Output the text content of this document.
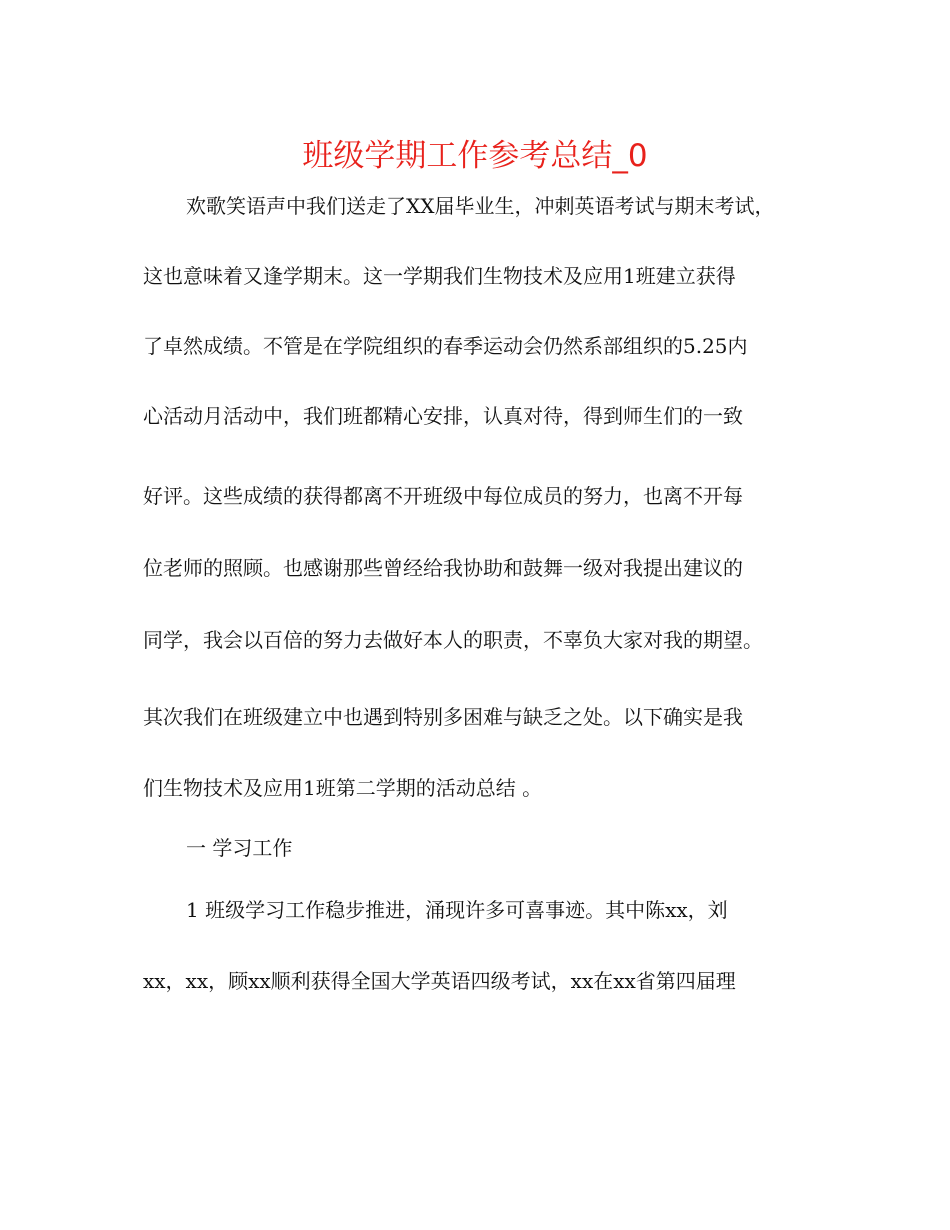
班级学期工作参考总结_0

欢歌笑语声中我们送走了XX届毕业生，冲刺英语考试与期末考试，

这也意味着又逢学期末。这一学期我们生物技术及应用1班建立获得

了卓然成绩。不管是在学院组织的春季运动会仍然系部组织的5.25内

心活动月活动中，我们班都精心安排，认真对待，得到师生们的一致

好评。这些成绩的获得都离不开班级中每位成员的努力，也离不开每

位老师的照顾。也感谢那些曾经给我协助和鼓舞一级对我提出建议的

同学，我会以百倍的努力去做好本人的职责，不辜负大家对我的期望。

其次我们在班级建立中也遇到特别多困难与缺乏之处。以下确实是我

们生物技术及应用1班第二学期的活动总结 。

一 学习工作

1 班级学习工作稳步推进，涌现许多可喜事迹。其中陈xx，刘

xx，xx，顾xx顺利获得全国大学英语四级考试，xx在xx省第四届理
